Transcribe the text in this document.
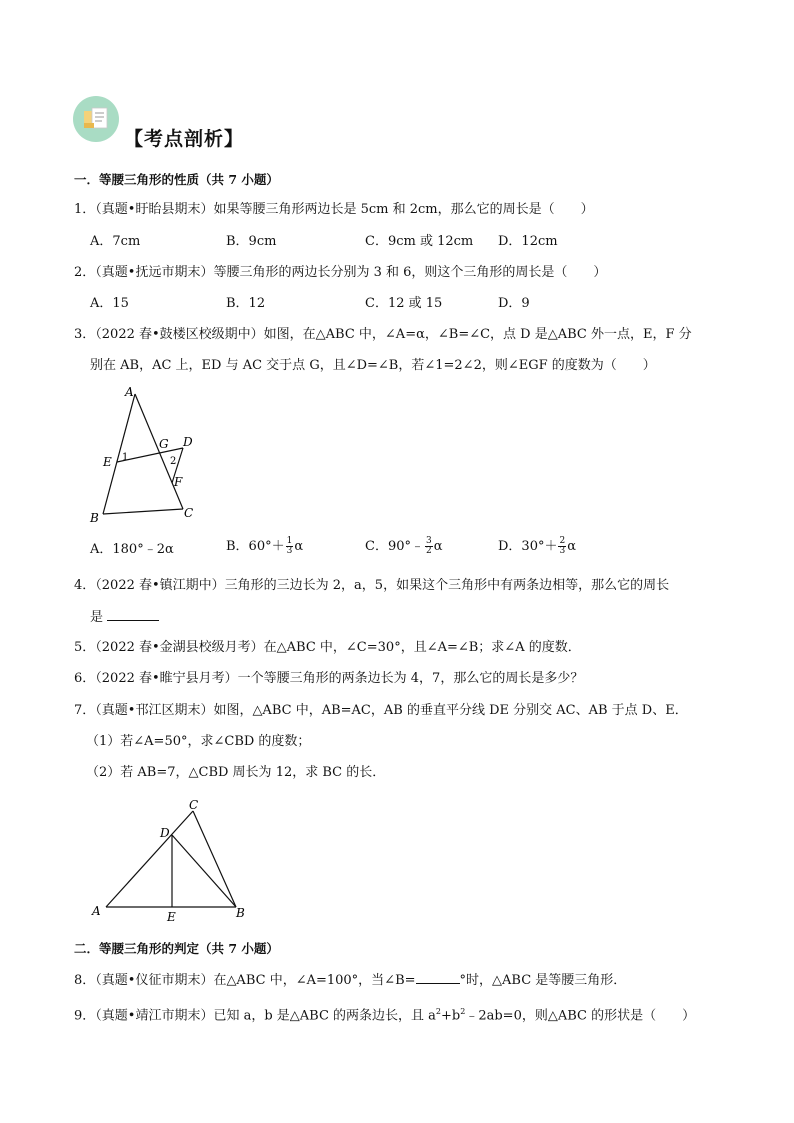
【考点剖析】
一．等腰三角形的性质（共 7 小题）
1．（真题•盱眙县期末）如果等腰三角形两边长是 5cm 和 2cm，那么它的周长是（　　）
A．7cm	B．9cm	C．9cm 或 12cm D．12cm
2．（真题•抚远市期末）等腰三角形的两边长分别为 3 和 6，则这个三角形的周长是（　　）
A．15	B．12	C．12 或 15	D．9
3．（2022 春•鼓楼区校级期中）如图，在△ABC 中，∠A=α，∠B=∠C，点 D 是△ABC 外一点，E，F 分
别在 AB，AC 上，ED 与 AC 交于点 G，且∠D=∠B，若∠1=2∠2，则∠EGF 的度数为（　　）
A
B	C
D
E
F
G
1	2
A．180°﹣2α	B．$60^\circ+ \frac{1}{3}$ α	C．90°﹣ $\frac{3}{2}$ α	D．$30^\circ+ \frac{2}{3}$ α
4．（2022 春•镇江期中）三角形的三边长为 2，a，5，如果这个三角形中有两条边相等，那么它的周长
是
5．（2022 春•金湖县校级月考）在△ABC 中，∠C=30°，且∠A=∠B；求∠A 的度数．
6．（2022 春•睢宁县月考）一个等腰三角形的两条边长为 4，7，那么它的周长是多少？
7．（真题•邗江区期末）如图，△ABC 中，AB=AC，AB 的垂直平分线 DE 分别交 AC、AB 于点 D、E．
（1）若∠A=50°，求∠CBD 的度数；
（2）若 AB=7，△CBD 周长为 12，求 BC 的长．
A	B
C
D
E
二．等腰三角形的判定（共 7 小题）
8．（真题•仪征市期末）在△ABC 中，∠A=100°，当∠B=	°时，△ABC 是等腰三角形．
9．（真题•靖江市期末）已知 a，b 是△ABC 的两条边长，且 $a^2+b^2﹣2ab=0$，则△ABC 的形状是（　　）
